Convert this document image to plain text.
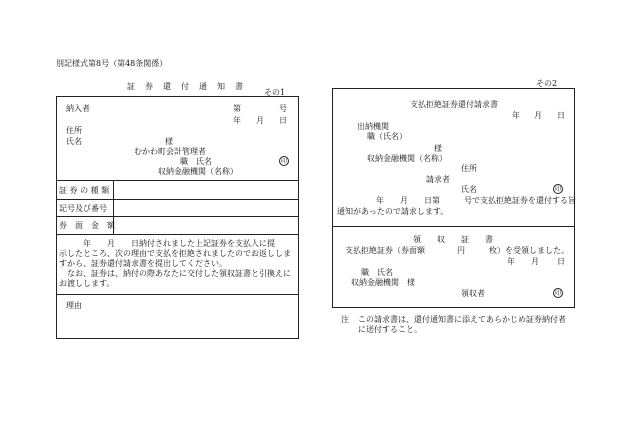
別記様式第8号（第48条関係）
証　券　還　付　通　知　書
その1
納入者	第	号
年 月 日
住所
氏名	様
むかわ町会計管理者
職　氏名	印
収納金融機関（名称）
証 券 の 種 類
記号及び番号
券　面　金　額
　　　年　　月　　日納付されました上記証券を支払人に提
示したところ、次の理由で支払を拒絶されましたのでお返ししま
すから、証券還付請求書を提出してください。
　なお、証券は、納付の際あなたに交付した領収証書と引換えに
お渡しします。
理由
その2
支払拒絶証券還付請求書
年 月 日
出納機関
職（氏名）
様
収納金融機関（名称）
住所
請求者
氏名	印
年　　月　　日第　　　号で支払拒絶証券を還付する旨
通知があったので請求します。
領　　収　　証　　書
支払拒絶証券（券面額　　　　円　　　枚）を受領しました。
年 月 日
職　氏名
収納金融機関　様
領収者	印
注 この請求書は、還付通知書に添えてあらかじめ証券納付者
に送付すること。
